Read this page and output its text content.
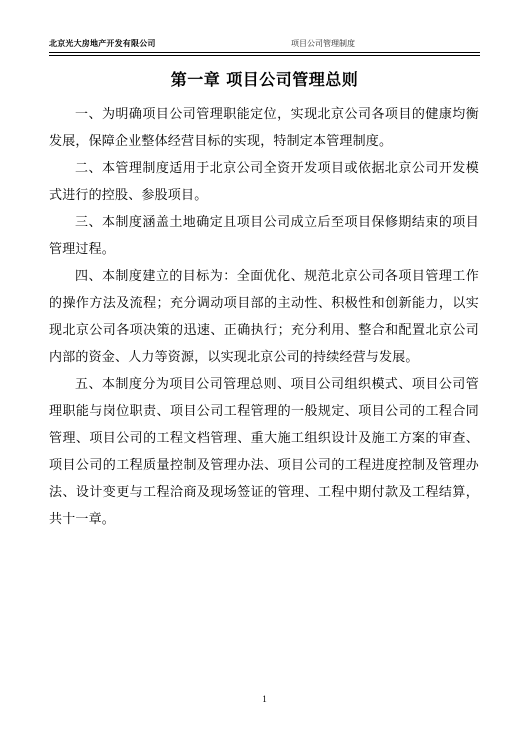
北京光大房地产开发有限公司	项目公司管理制度
第一章 项目公司管理总则

一、为明确项目公司管理职能定位，实现北京公司各项目的健康均衡发展，保障企业整体经营目标的实现，特制定本管理制度。

二、本管理制度适用于北京公司全资开发项目或依据北京公司开发模式进行的控股、参股项目。

三、本制度涵盖土地确定且项目公司成立后至项目保修期结束的项目管理过程。

四、本制度建立的目标为：全面优化、规范北京公司各项目管理工作的操作方法及流程；充分调动项目部的主动性、积极性和创新能力，以实现北京公司各项决策的迅速、正确执行；充分利用、整合和配置北京公司内部的资金、人力等资源，以实现北京公司的持续经营与发展。

五、本制度分为项目公司管理总则、项目公司组织模式、项目公司管理职能与岗位职责、项目公司工程管理的一般规定、项目公司的工程合同管理、项目公司的工程文档管理、重大施工组织设计及施工方案的审查、项目公司的工程质量控制及管理办法、项目公司的工程进度控制及管理办法、设计变更与工程洽商及现场签证的管理、工程中期付款及工程结算，共十一章。

1
